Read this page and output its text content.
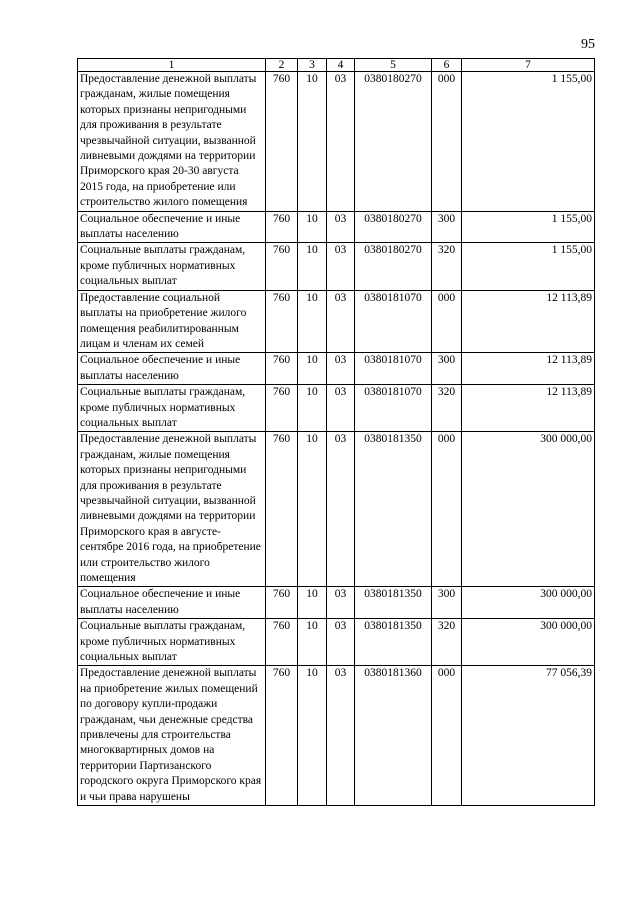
95
1	2	3	4	5	6	7
Предоставление денежной выплаты гражданам, жилые помещения которых признаны непригодными для проживания в результате чрезвычайной ситуации, вызванной ливневыми дождями на территории Приморского края 20-30 августа 2015 года, на приобретение или строительство жилого помещения	760	10	03	0380180270	000	1 155,00
Социальное обеспечение и иные выплаты населению	760	10	03	0380180270	300	1 155,00
Социальные выплаты гражданам, кроме публичных нормативных социальных выплат	760	10	03	0380180270	320	1 155,00
Предоставление социальной выплаты на приобретение жилого помещения реабилитированным лицам и членам их семей	760	10	03	0380181070	000	12 113,89
Социальное обеспечение и иные выплаты населению	760	10	03	0380181070	300	12 113,89
Социальные выплаты гражданам, кроме публичных нормативных социальных выплат	760	10	03	0380181070	320	12 113,89
Предоставление денежной выплаты гражданам, жилые помещения которых признаны непригодными для проживания в результате чрезвычайной ситуации, вызванной ливневыми дождями на территории Приморского края в августе-сентябре 2016 года, на приобретение или строительство жилого помещения	760	10	03	0380181350	000	300 000,00
Социальное обеспечение и иные выплаты населению	760	10	03	0380181350	300	300 000,00
Социальные выплаты гражданам, кроме публичных нормативных социальных выплат	760	10	03	0380181350	320	300 000,00
Предоставление денежной выплаты на приобретение жилых помещений по договору купли-продажи гражданам, чьи денежные средства привлечены для строительства многоквартирных домов на территории Партизанского городского округа Приморского края и чьи права нарушены	760	10	03	0380181360	000	77 056,39
